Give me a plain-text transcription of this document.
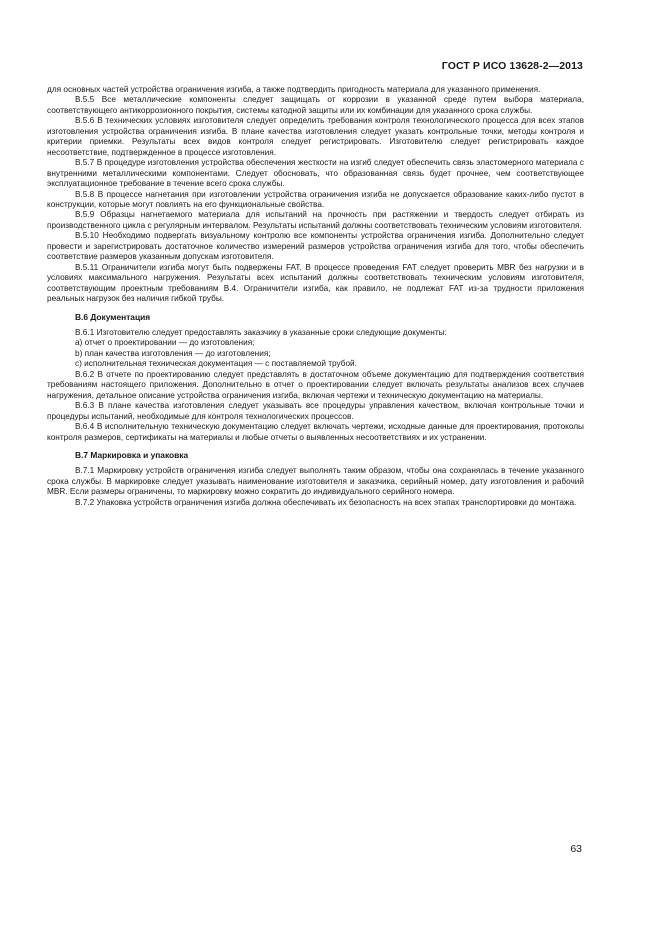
ГОСТ Р ИСО 13628-2—2013

для основных частей устройства ограничения изгиба, а также подтвердить пригодность материала для указанного применения.

В.5.5 Все металлические компоненты следует защищать от коррозии в указанной среде путем выбора материала, соответствующего антикоррозионного покрытия, системы катодной защиты или их комбинации для указанного срока службы.

В.5.6 В технических условиях изготовителя следует определить требования контроля технологического процесса для всех этапов изготовления устройства ограничения изгиба. В плане качества изготовления следует указать контрольные точки, методы контроля и критерии приемки. Результаты всех видов контроля следует регистрировать. Изготовителю следует регистрировать каждое несоответствие, подтвержденное в процессе изготовления.

В.5.7 В процедуре изготовления устройства обеспечения жесткости на изгиб следует обеспечить связь эластомерного материала с внутренними металлическими компонентами. Следует обосновать, что образованная связь будет прочнее, чем соответствующее эксплуатационное требование в течение всего срока службы.

В.5.8 В процессе нагнетания при изготовлении устройства ограничения изгиба не допускается образование каких-либо пустот в конструкции, которые могут повлиять на его функциональные свойства.

В.5.9 Образцы нагнетаемого материала для испытаний на прочность при растяжении и твердость следует отбирать из производственного цикла с регулярным интервалом. Результаты испытаний должны соответствовать техническим условиям изготовителя.

В.5.10 Необходимо подвергать визуальному контролю все компоненты устройства ограничения изгиба. Дополнительно следует провести и зарегистрировать достаточное количество измерений размеров устройства ограничения изгиба для того, чтобы обеспечить соответствие размеров указанным допускам изготовителя.

В.5.11 Ограничители изгиба могут быть подвержены FAT. В процессе проведения FAT следует проверить MBR без нагрузки и в условиях максимального нагружения. Результаты всех испытаний должны соответствовать техническим условиям изготовителя, соответствующим проектным требованиям В.4. Ограничители изгиба, как правило, не подлежат FAT из-за трудности приложения реальных нагрузок без наличия гибкой трубы.

В.6 Документация

В.6.1 Изготовителю следует предоставлять заказчику в указанные сроки следующие документы:

а) отчет о проектировании — до изготовления;

b) план качества изготовления — до изготовления;

c) исполнительная техническая документация — с поставляемой трубой.

В.6.2 В отчете по проектированию следует представлять в достаточном объеме документацию для подтверждения соответствия требованиям настоящего приложения. Дополнительно в отчет о проектировании следует включать результаты анализов всех случаев нагружения, детальное описание устройства ограничения изгиба, включая чертежи и техническую документацию на материалы.

В.6.3 В плане качества изготовления следует указывать все процедуры управления качеством, включая контрольные точки и процедуры испытаний, необходимые для контроля технологических процессов.

В.6.4 В исполнительную техническую документацию следует включать чертежи, исходные данные для проектирования, протоколы контроля размеров, сертификаты на материалы и любые отчеты о выявленных несоответствиях и их устранении.

В.7 Маркировка и упаковка

В.7.1 Маркировку устройств ограничения изгиба следует выполнять таким образом, чтобы она сохранялась в течение указанного срока службы. В маркировке следует указывать наименование изготовителя и заказчика, серийный номер, дату изготовления и рабочий MBR. Если размеры ограничены, то маркировку можно сократить до индивидуального серийного номера.

В.7.2 Упаковка устройств ограничения изгиба должна обеспечивать их безопасность на всех этапах транспортировки до монтажа.

63
